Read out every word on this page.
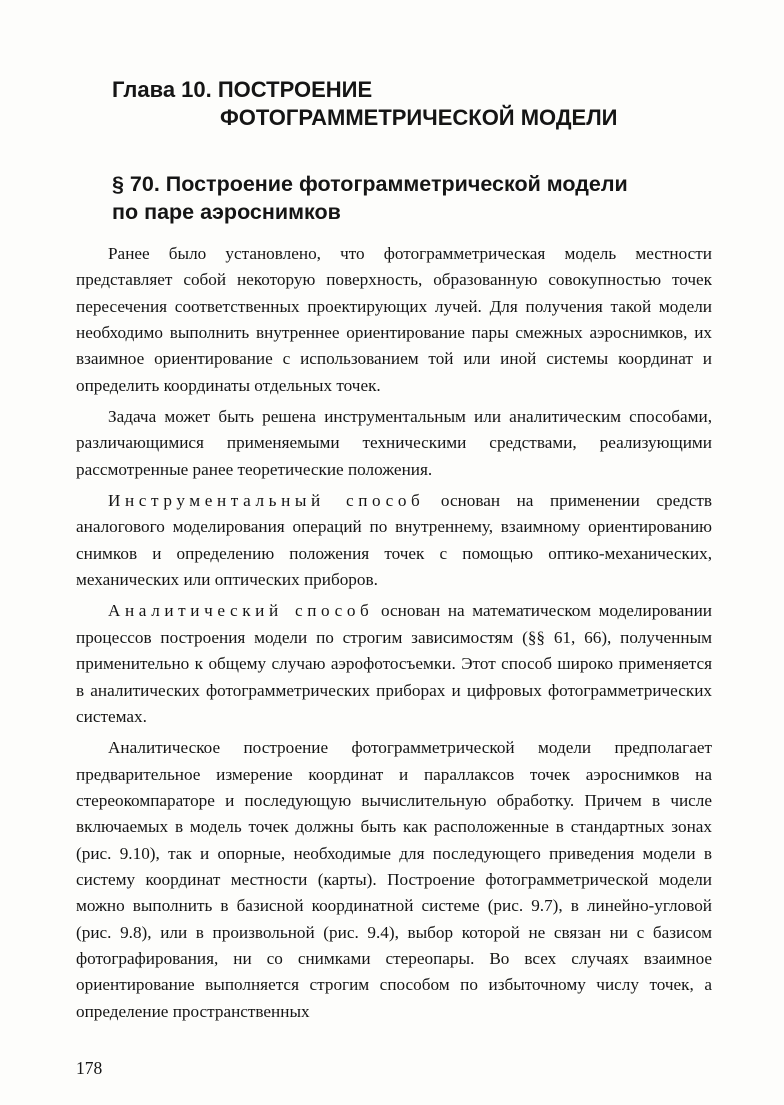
Глава 10. ПОСТРОЕНИЕ
ФОТОГРАММЕТРИЧЕСКОЙ МОДЕЛИ
§ 70. Построение фотограмметрической модели
по паре аэроснимков

Ранее было установлено, что фотограмметрическая модель местности представляет собой некоторую поверхность, образованную совокупностью точек пересечения соответственных проектирующих лучей. Для получения такой модели необходимо выполнить внутреннее ориентирование пары смежных аэроснимков, их взаимное ориентирование с использованием той или иной системы координат и определить координаты отдельных точек.

Задача может быть решена инструментальным или аналитическим способами, различающимися применяемыми техническими средствами, реализующими рассмотренные ранее теоретические положения.

Инструментальный способ основан на применении средств аналогового моделирования операций по внутреннему, взаимному ориентированию снимков и определению положения точек с помощью оптико-механических, механических или оптических приборов.

Аналитический способ основан на математическом моделировании процессов построения модели по строгим зависимостям (§§ 61, 66), полученным применительно к общему случаю аэрофотосъемки. Этот способ широко применяется в аналитических фотограмметрических приборах и цифровых фотограмметрических системах.

Аналитическое построение фотограмметрической модели предполагает предварительное измерение координат и параллаксов точек аэроснимков на стереокомпараторе и последующую вычислительную обработку. Причем в числе включаемых в модель точек должны быть как расположенные в стандартных зонах (рис. 9.10), так и опорные, необходимые для последующего приведения модели в систему координат местности (карты). Построение фотограмметрической модели можно выполнить в базисной координатной системе (рис. 9.7), в линейно-угловой (рис. 9.8), или в произвольной (рис. 9.4), выбор которой не связан ни с базисом фотографирования, ни со снимками стереопары. Во всех случаях взаимное ориентирование выполняется строгим способом по избыточному числу точек, а определение пространственных

178
